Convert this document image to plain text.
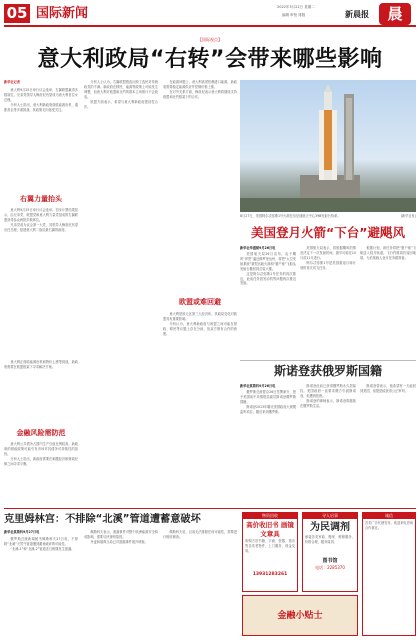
05 国际新闻	2022年3月22日 星期二
编辑 审校 排版	新晨报	晨
【国际视点】
意大利政局“右转”会带来哪些影响
新华社记者
意大利9月25日举行议会选举，右翼联盟赢得多数席位。兄弟党领导人梅洛尼有望成为意大利首位女总理。
分析人士指出，意大利新政府面临能源危机、通胀高企等多重挑战，其政策走向备受关注。
右翼力量抬头
意大利9月25日举行议会选举。初步计票结果显示，由兄弟党、联盟党和意大利力量党组成的右翼联盟获得参众两院多数席位。
兄弟党成为议会第一大党，其领导人梅洛尼有望出任总理，组建意大利二战后最右翼的政府。
金融风险需防范
意大利公共债务占国内生产总值比例较高，新政府的财政政策可能引发市场对其债务可持续性的担忧。
分析人士指出，新政府需要在刺激经济和财政纪律之间寻求平衡。
意大利正面临能源危机和物价上涨等挑战，新政府需要在欧盟框架下寻求解决方案。
分析人士认为，右翼联盟胜选反映了选民对传统政党的不满。新政府在移民、能源等政策上可能发生调整，但意大利对欧盟和北约的基本立场预计不会改变。
欧盟方面表示，希望与意大利新政府建设性合作。
在能源问题上，意大利高度依赖进口能源，新政府需要稳定能源供应并控制价格上涨。
在对外关系方面，梅洛尼表示意大利将继续支持欧盟和北约框架下的合作。
欧盟或难回避
意大利是欧元区第三大经济体，其政局变化对欧盟具有重要影响。
分析认为，意大利新政府与欧盟之间可能在财政、移民等议题上存在分歧，但双方都有合作的意愿。
8月27日，美国阿尔忒弥斯1号火箭在肯尼迪航天中心39B发射台待命。	(新华社发)
美国登月火箭“下台”避飓风
新华社华盛顿9月26日电
美国航天局26日宣布，由于飓风“伊恩”逼近佛罗里达州，将把“太空发射系统”重型运载火箭和“猎户座”飞船从发射台撤回到总装大楼。
这是阿尔忒弥斯1号任务的再次推迟，此前任务因发动机等问题两次推迟发射。
美国航天局表示，将根据飓风的情况决定下一次发射时间，最早可能在10月或11月进行。
阿尔忒弥斯1号是美国重返月球计划的首次试飞任务。
根据计划，该任务将把“猎户座”飞船送入绕月轨道，飞行约数周后返回地球，为后续载人登月任务做准备。
斯诺登获俄罗斯国籍
新华社莫斯科9月26日电
俄罗斯总统普京26日签署命令，授予美国前中央情报局雇员斯诺登俄罗斯国籍。
斯诺登2013年曝光美国政府大规模监听项目，随后来到俄罗斯。
斯诺登此前已获得俄罗斯永久居留权。美国政府一直要求俄方引渡斯诺登，但遭到拒绝。
斯诺登的律师表示，斯诺登将继续在俄罗斯生活。
斯诺登曾表示，他希望有一天能回到美国，前提是能获得公正审判。
克里姆林宫：不排除“北溪”管道遭蓄意破坏
新华社莫斯科9月27日电
俄罗斯总统新闻秘书佩斯科夫27日说，不排除“北溪”天然气管道遭到蓄意破坏的可能性。
“北溪-1”和“北溪-2”管道近日相继发生泄漏。
佩斯科夫表示，泄漏事件对整个欧洲能源安全构成影响，需要尽快查明原因。
丹麦和瑞典当局已对泄漏事件展开调查。
佩斯科夫说，目前无法排除任何可能性，需要进行彻底调查。
物资回收
高价收旧书 画镜文章具
收购古旧书籍、字画、瓷器、钱币等各类老物件，上门服务，现金交易。
13931283261
寻人启事
为民调剂
承接各类家政、搬家、维修服务，价格合理，服务周到。
图书馆
电话：2285370
诚信
各类广告代理发布，欢迎来电咨询合作事宜。
金融小贴士
